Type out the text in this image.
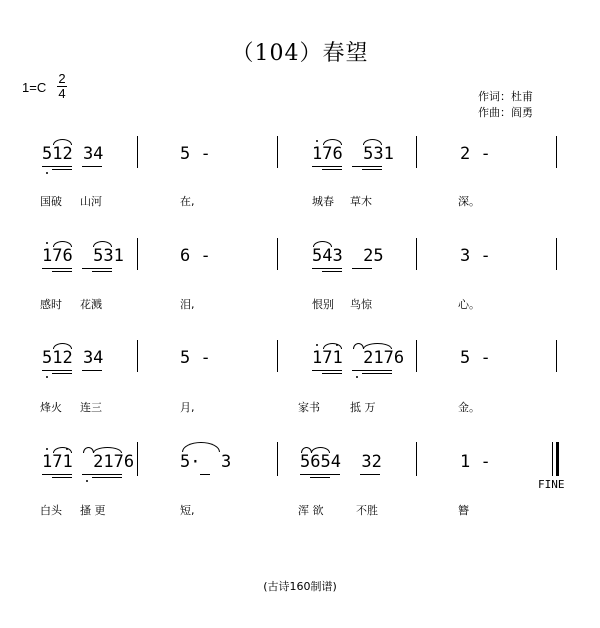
（104）春望
1=C
2
4	作词：杜甫
作曲：阎勇
512 34	5 -	176  531	2 -
国破 山河	在,	城春 草木	深。
176  531	6 -	543  25	3 -
感时 花溅	泪,	恨别 鸟惊	心。
512 34	5 -	171  2176	5 -
烽火 连三	月,	家书	抵 万	金。
171  2176	5·  3	5654  32	1 -
白头 搔 更	短,	浑 欲	不胜	簪
FINE
(古诗160制谱)
